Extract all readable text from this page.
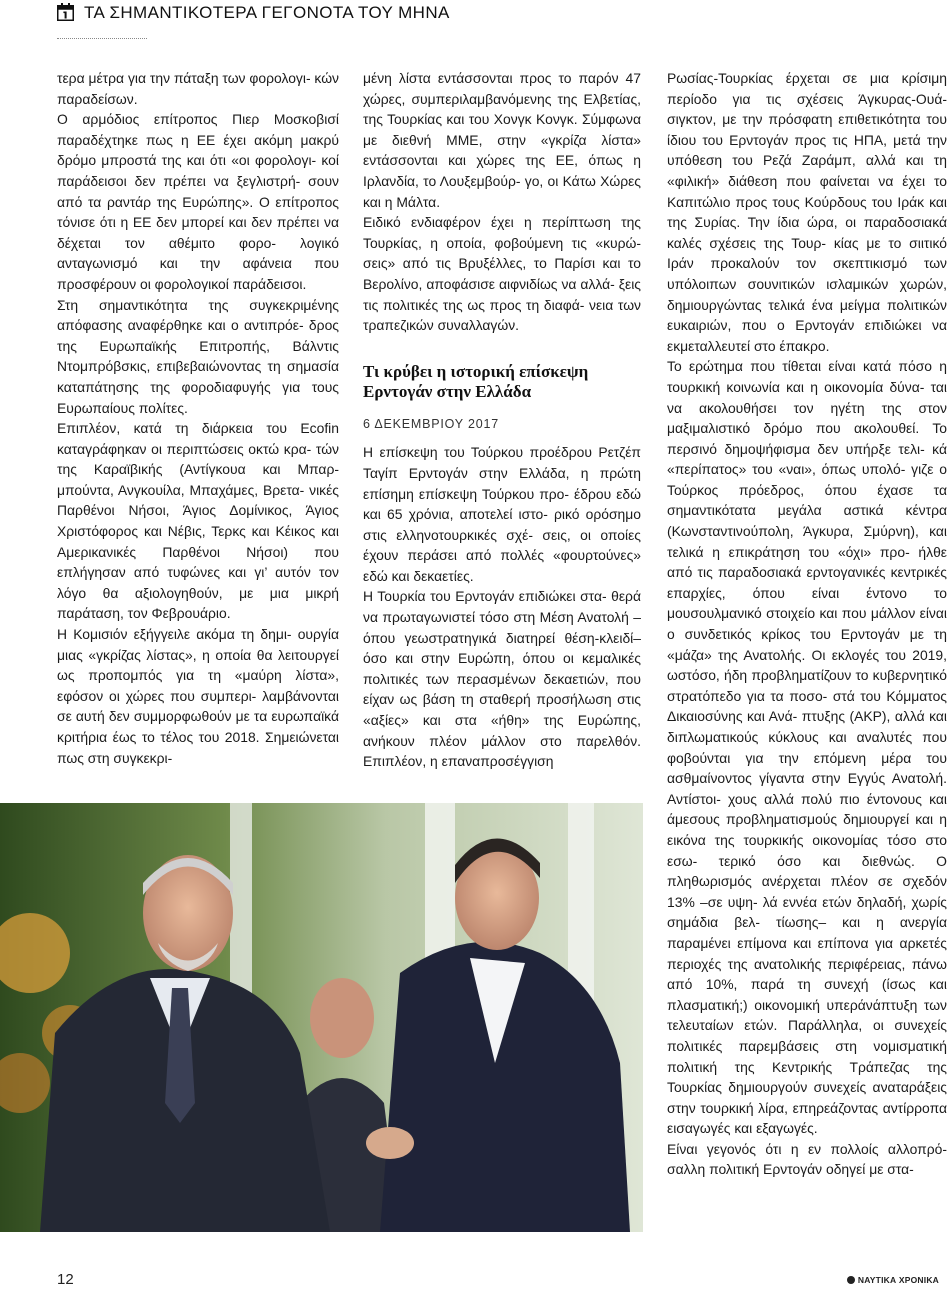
ΤΑ ΣΗΜΑΝΤΙΚΟΤΕΡΑ ΓΕΓΟΝΟΤΑ ΤΟΥ ΜΗΝΑ

τερα μέτρα για την πάταξη των φορολογι- κών παραδείσων.

Ο αρμόδιος επίτροπος Πιερ Μοσκοβισί παραδέχτηκε πως η ΕΕ έχει ακόμη μακρύ δρόμο μπροστά της και ότι «οι φορολογι- κοί παράδεισοι δεν πρέπει να ξεγλιστρή- σουν από τα ραντάρ της Ευρώπης». Ο επίτροπος τόνισε ότι η ΕΕ δεν μπορεί και δεν πρέπει να δέχεται τον αθέμιτο φορο- λογικό ανταγωνισμό και την αφάνεια που προσφέρουν οι φορολογικοί παράδεισοι.

Στη σημαντικότητα της συγκεκριμένης απόφασης αναφέρθηκε και ο αντιπρόε- δρος της Ευρωπαϊκής Επιτροπής, Βάλντις Ντομπρόβσκις, επιβεβαιώνοντας τη σημασία καταπάτησης της φοροδιαφυγής για τους Ευρωπαίους πολίτες.

Επιπλέον, κατά τη διάρκεια του Ecofin καταγράφηκαν οι περιπτώσεις οκτώ κρα- τών της Καραϊβικής (Αντίγκουα και Μπαρ- μπούντα, Ανγκουίλα, Μπαχάμες, Βρετα- νικές Παρθένοι Νήσοι, Άγιος Δομίνικος, Άγιος Χριστόφορος και Νέβις, Τερκς και Κέικος και Αμερικανικές Παρθένοι Νήσοι) που επλήγησαν από τυφώνες και γι’ αυτόν τον λόγο θα αξιολογηθούν, με μια μικρή παράταση, τον Φεβρουάριο.

Η Κομισιόν εξήγγειλε ακόμα τη δημι- ουργία μιας «γκρίζας λίστας», η οποία θα λειτουργεί ως προπομπός για τη «μαύρη λίστα», εφόσον οι χώρες που συμπερι- λαμβάνονται σε αυτή δεν συμμορφωθούν με τα ευρωπαϊκά κριτήρια έως το τέλος του 2018. Σημειώνεται πως στη συγκεκρι-

μένη λίστα εντάσσονται προς το παρόν 47 χώρες, συμπεριλαμβανόμενης της Ελβετίας, της Τουρκίας και του Χονγκ Κονγκ. Σύμφωνα με διεθνή ΜΜΕ, στην «γκρίζα λίστα» εντάσσονται και χώρες της ΕΕ, όπως η Ιρλανδία, το Λουξεμβούρ- γο, οι Κάτω Χώρες και η Μάλτα.

Ειδικό ενδιαφέρον έχει η περίπτωση της Τουρκίας, η οποία, φοβούμενη τις «κυρώ- σεις» από τις Βρυξέλλες, το Παρίσι και το Βερολίνο, αποφάσισε αιφνιδίως να αλλά- ξεις τις πολιτικές της ως προς τη διαφά- νεια των τραπεζικών συναλλαγών.

Τι κρύβει η ιστορική επίσκεψη Ερντογάν στην Ελλάδα

6 ΔΕΚΕΜΒΡΙΟΥ 2017

Η επίσκεψη του Τούρκου προέδρου Ρετζέπ Ταγίπ Ερντογάν στην Ελλάδα, η πρώτη επίσημη επίσκεψη Τούρκου προ- έδρου εδώ και 65 χρόνια, αποτελεί ιστο- ρικό ορόσημο στις ελληνοτουρκικές σχέ- σεις, οι οποίες έχουν περάσει από πολλές «φουρτούνες» εδώ και δεκαετίες.

Η Τουρκία του Ερντογάν επιδιώκει στα- θερά να πρωταγωνιστεί τόσο στη Μέση Ανατολή –όπου γεωστρατηγικά διατηρεί θέση-κλειδί– όσο και στην Ευρώπη, όπου οι κεμαλικές πολιτικές των περασμένων δεκαετιών, που είχαν ως βάση τη σταθερή προσήλωση στις «αξίες» και στα «ήθη» της Ευρώπης, ανήκουν πλέον μάλλον στο παρελθόν. Επιπλέον, η επαναπροσέγγιση

Ρωσίας-Τουρκίας έρχεται σε μια κρίσιμη περίοδο για τις σχέσεις Άγκυρας-Ουά- σιγκτον, με την πρόσφατη επιθετικότητα του ίδιου του Ερντογάν προς τις ΗΠΑ, μετά την υπόθεση του Ρεζά Ζαράμπ, αλλά και τη «φιλική» διάθεση που φαίνεται να έχει το Καπιτώλιο προς τους Κούρδους του Ιράκ και της Συρίας. Την ίδια ώρα, οι παραδοσιακά καλές σχέσεις της Τουρ- κίας με το σιιτικό Ιράν προκαλούν τον σκεπτικισμό των υπόλοιπων σουνιτικών ισλαμικών χωρών, δημιουργώντας τελικά ένα μείγμα πολιτικών ευκαιριών, που ο Ερντογάν επιδιώκει να εκμεταλλευτεί στο έπακρο.

Το ερώτημα που τίθεται είναι κατά πόσο η τουρκική κοινωνία και η οικονομία δύνα- ται να ακολουθήσει τον ηγέτη της στον μαξιμαλιστικό δρόμο που ακολουθεί. Το περσινό δημοψήφισμα δεν υπήρξε τελι- κά «περίπατος» του «ναι», όπως υπολό- γιζε ο Τούρκος πρόεδρος, όπου έχασε τα σημαντικότατα μεγάλα αστικά κέντρα (Κωνσταντινούπολη, Άγκυρα, Σμύρνη), και τελικά η επικράτηση του «όχι» προ- ήλθε από τις παραδοσιακά ερντογανικές κεντρικές επαρχίες, όπου είναι έντονο το μουσουλμανικό στοιχείο και που μάλλον είναι ο συνδετικός κρίκος του Ερντογάν με τη «μάζα» της Ανατολής. Οι εκλογές του 2019, ωστόσο, ήδη προβληματίζουν το κυβερνητικό στρατόπεδο για τα ποσο- στά του Κόμματος Δικαιοσύνης και Ανά- πτυξης (AKP), αλλά και διπλωματικούς κύκλους και αναλυτές που φοβούνται για την επόμενη μέρα του ασθμαίνοντος γίγαντα στην Εγγύς Ανατολή. Αντίστοι- χους αλλά πολύ πιο έντονους και άμεσους προβληματισμούς δημιουργεί και η εικόνα της τουρκικής οικονομίας τόσο στο εσω- τερικό όσο και διεθνώς. Ο πληθωρισμός ανέρχεται πλέον σε σχεδόν 13% –σε υψη- λά εννέα ετών δηλαδή, χωρίς σημάδια βελ- τίωσης– και η ανεργία παραμένει επίμονα και επίπονα για αρκετές περιοχές της ανατολικής περιφέρειας, πάνω από 10%, παρά τη συνεχή (ίσως και πλασματική;) οικονομική υπεράνάπτυξη των τελευταίων ετών. Παράλληλα, οι συνεχείς πολιτικές παρεμβάσεις στη νομισματική πολιτική της Κεντρικής Τράπεζας της Τουρκίας δημιουργούν συνεχείς αναταράξεις στην τουρκική λίρα, επηρεάζοντας αντίρροπα εισαγωγές και εξαγωγές.

Είναι γεγονός ότι η εν πολλοίς αλλοπρό- σαλλη πολιτική Ερντογάν οδηγεί με στα-

12	ΝΑΥΤΙΚΑ ΧΡΟΝΙΚΑ
